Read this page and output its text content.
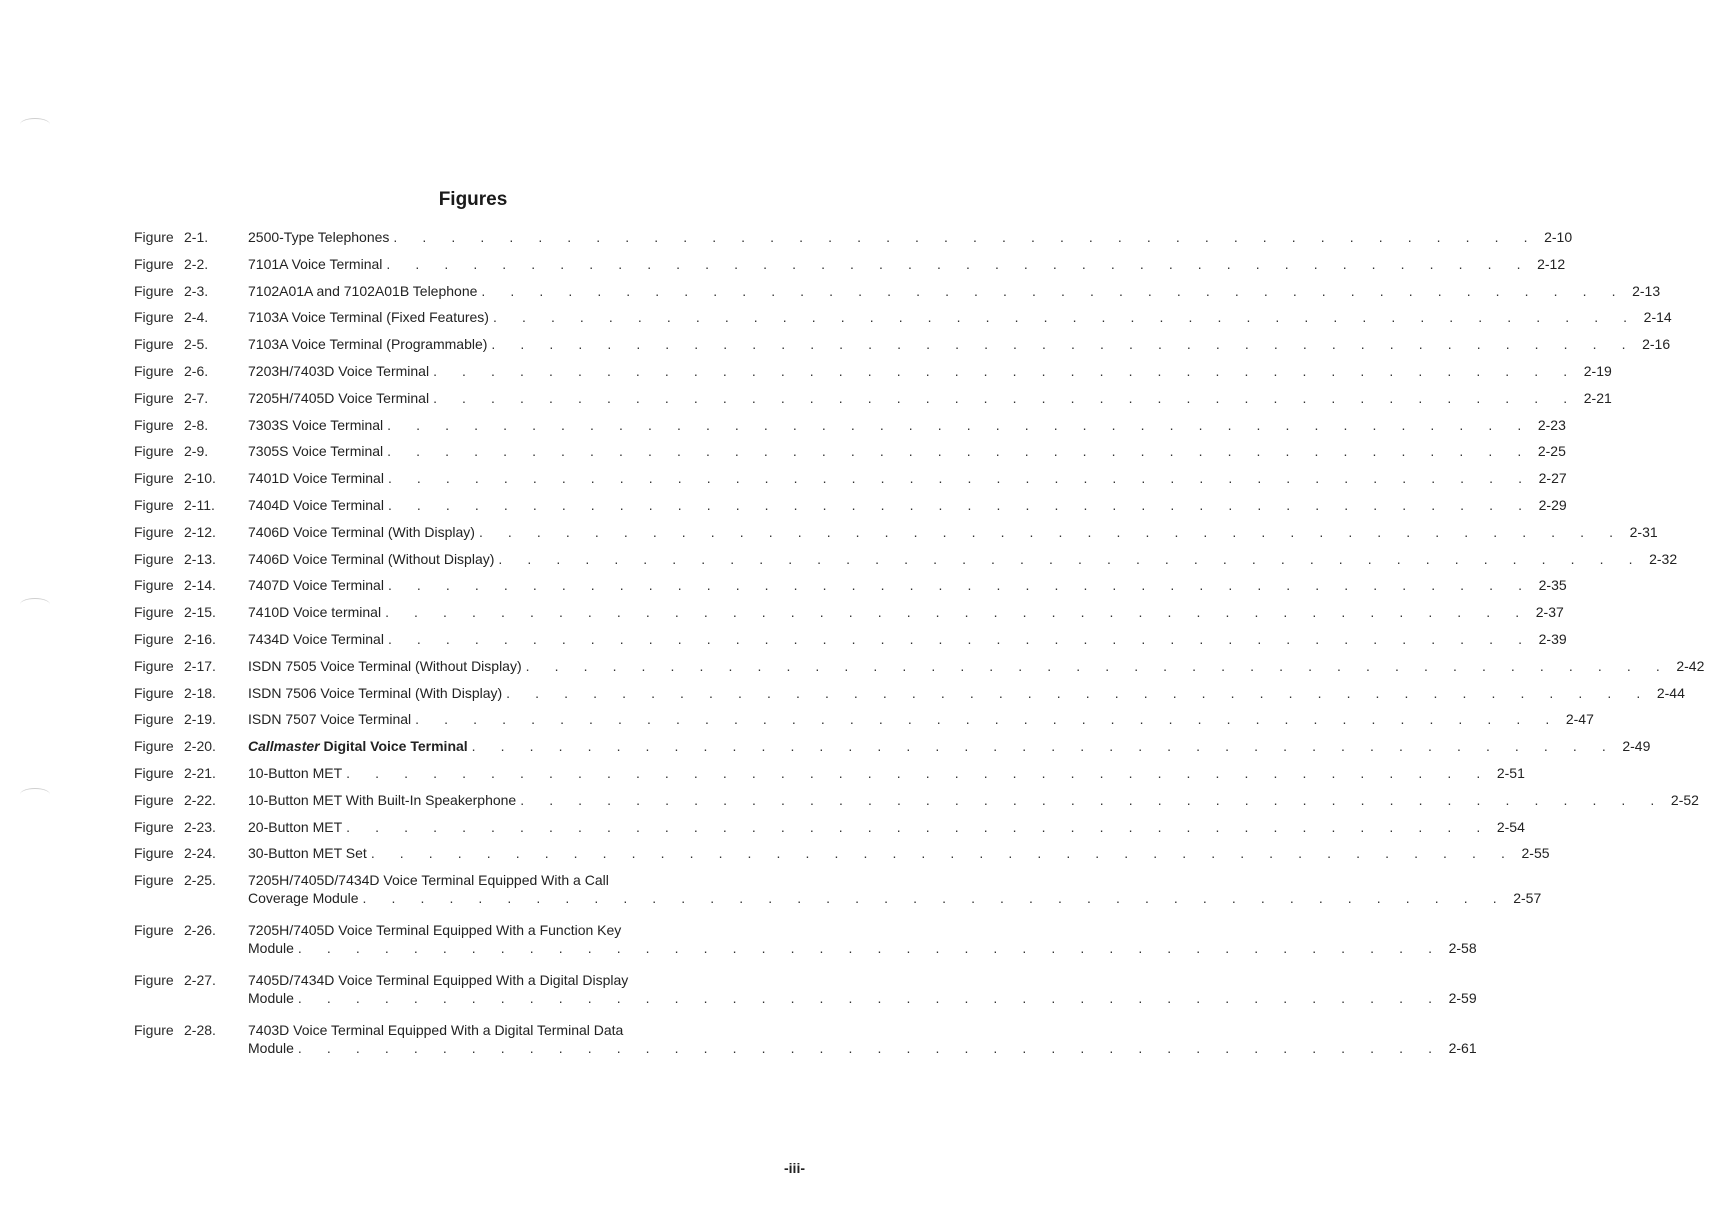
Figures
Figure 2-1.	2500-Type Telephones . . . . . . . . . . . . . . . . . . . . . . . . . . . . . . . . . . . . . . . . 2-10
Figure 2-2.	7101A Voice Terminal . . . . . . . . . . . . . . . . . . . . . . . . . . . . . . . . . . . . . . . . 2-12
Figure 2-3.	7102A01A and 7102A01B Telephone . . . . . . . . . . . . . . . . . . . . . . . . . . . . . . . . . . . . . . . . 2-13
Figure 2-4.	7103A Voice Terminal (Fixed Features) . . . . . . . . . . . . . . . . . . . . . . . . . . . . . . . . . . . . . . . . 2-14
Figure 2-5.	7103A Voice Terminal (Programmable) . . . . . . . . . . . . . . . . . . . . . . . . . . . . . . . . . . . . . . . . 2-16
Figure 2-6.	7203H/7403D Voice Terminal . . . . . . . . . . . . . . . . . . . . . . . . . . . . . . . . . . . . . . . . 2-19
Figure 2-7.	7205H/7405D Voice Terminal . . . . . . . . . . . . . . . . . . . . . . . . . . . . . . . . . . . . . . . . 2-21
Figure 2-8.	7303S Voice Terminal . . . . . . . . . . . . . . . . . . . . . . . . . . . . . . . . . . . . . . . . 2-23
Figure 2-9.	7305S Voice Terminal . . . . . . . . . . . . . . . . . . . . . . . . . . . . . . . . . . . . . . . . 2-25
Figure 2-10. 7401D Voice Terminal . . . . . . . . . . . . . . . . . . . . . . . . . . . . . . . . . . . . . . . . 2-27
Figure 2-11. 7404D Voice Terminal . . . . . . . . . . . . . . . . . . . . . . . . . . . . . . . . . . . . . . . . 2-29
Figure 2-12. 7406D Voice Terminal (With Display) . . . . . . . . . . . . . . . . . . . . . . . . . . . . . . . . . . . . . . . . 2-31
Figure 2-13. 7406D Voice Terminal (Without Display) . . . . . . . . . . . . . . . . . . . . . . . . . . . . . . . . . . . . . . . . 2-32
Figure 2-14. 7407D Voice Terminal . . . . . . . . . . . . . . . . . . . . . . . . . . . . . . . . . . . . . . . . 2-35
Figure 2-15. 7410D Voice terminal . . . . . . . . . . . . . . . . . . . . . . . . . . . . . . . . . . . . . . . . 2-37
Figure 2-16. 7434D Voice Terminal . . . . . . . . . . . . . . . . . . . . . . . . . . . . . . . . . . . . . . . . 2-39
Figure 2-17. ISDN 7505 Voice Terminal (Without Display) . . . . . . . . . . . . . . . . . . . . . . . . . . . . . . . . . . . . . . . . 2-42
Figure 2-18. ISDN 7506 Voice Terminal (With Display) . . . . . . . . . . . . . . . . . . . . . . . . . . . . . . . . . . . . . . . . 2-44
Figure 2-19. ISDN 7507 Voice Terminal . . . . . . . . . . . . . . . . . . . . . . . . . . . . . . . . . . . . . . . . 2-47
Figure 2-20. Callmaster Digital Voice Terminal . . . . . . . . . . . . . . . . . . . . . . . . . . . . . . . . . . . . . . . . 2-49
Figure 2-21. 10-Button MET . . . . . . . . . . . . . . . . . . . . . . . . . . . . . . . . . . . . . . . . 2-51
Figure 2-22. 10-Button MET With Built-In Speakerphone . . . . . . . . . . . . . . . . . . . . . . . . . . . . . . . . . . . . . . . . 2-52
Figure 2-23. 20-Button MET . . . . . . . . . . . . . . . . . . . . . . . . . . . . . . . . . . . . . . . . 2-54
Figure 2-24. 30-Button MET Set . . . . . . . . . . . . . . . . . . . . . . . . . . . . . . . . . . . . . . . . 2-55
Figure 2-25. 7205H/7405D/7434D Voice Terminal Equipped With a Call
Coverage Module . . . . . . . . . . . . . . . . . . . . . . . . . . . . . . . . . . . . . . . . 2-57
Figure 2-26. 7205H/7405D Voice Terminal Equipped With a Function Key
Module . . . . . . . . . . . . . . . . . . . . . . . . . . . . . . . . . . . . . . . . 2-58
Figure 2-27. 7405D/7434D Voice Terminal Equipped With a Digital Display
Module . . . . . . . . . . . . . . . . . . . . . . . . . . . . . . . . . . . . . . . . 2-59
Figure 2-28. 7403D Voice Terminal Equipped With a Digital Terminal Data
Module . . . . . . . . . . . . . . . . . . . . . . . . . . . . . . . . . . . . . . . . 2-61
-iii-
